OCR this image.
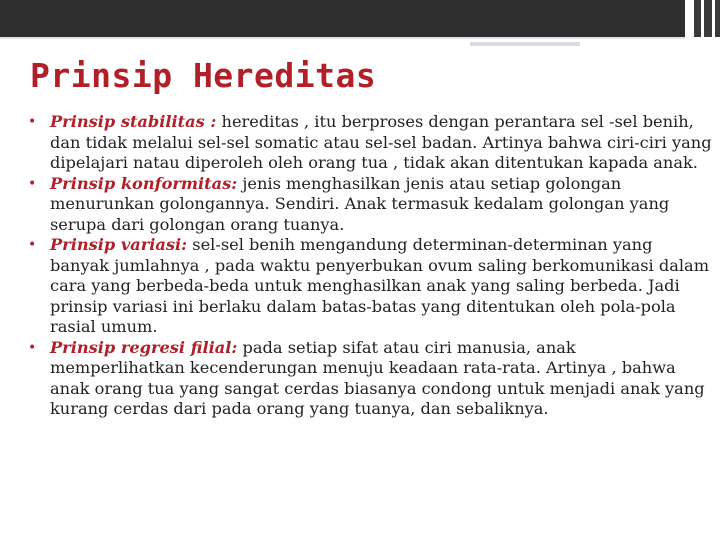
Prinsip Hereditas
• Prinsip stabilitas : hereditas , itu berproses dengan perantara sel -sel benih, dan tidak melalui sel-sel somatic atau sel-sel badan. Artinya bahwa ciri-ciri yang dipelajari natau diperoleh oleh orang tua , tidak akan ditentukan kapada anak.
• Prinsip konformitas: jenis menghasilkan jenis atau setiap golongan menurunkan golongannya. Sendiri. Anak termasuk kedalam golongan yang serupa dari golongan orang tuanya.
• Prinsip variasi: sel-sel benih mengandung determinan-determinan yang banyak jumlahnya , pada waktu penyerbukan ovum saling berkomunikasi dalam cara yang berbeda-beda untuk menghasilkan anak yang saling berbeda. Jadi prinsip variasi ini berlaku dalam batas-batas yang ditentukan oleh pola-pola rasial umum.
• Prinsip regresi filial: pada setiap sifat atau ciri manusia, anak memperlihatkan kecenderungan menuju keadaan rata-rata. Artinya , bahwa anak orang tua yang sangat cerdas biasanya condong untuk menjadi anak yang kurang cerdas dari pada orang yang tuanya, dan sebaliknya.
